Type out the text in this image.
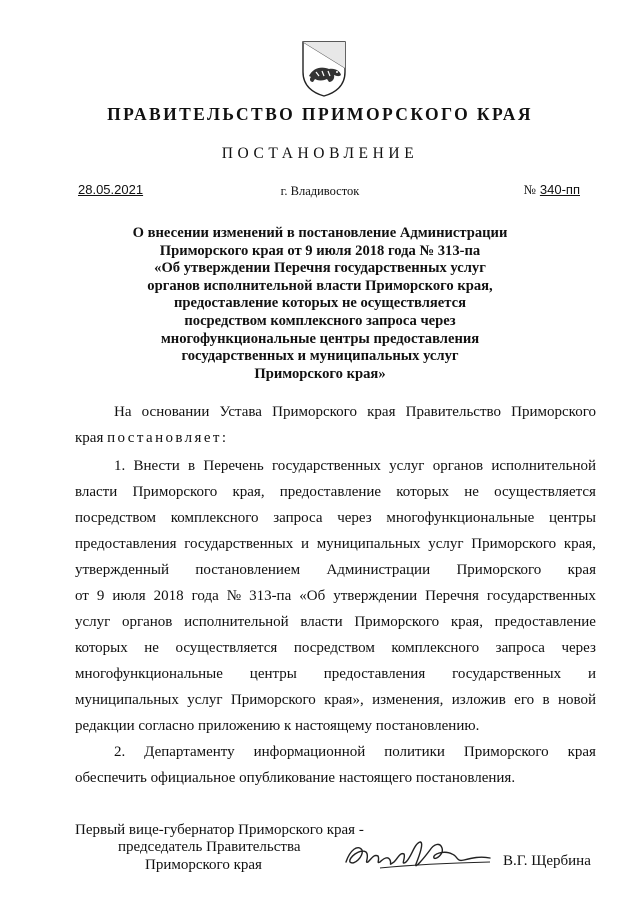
ПРАВИТЕЛЬСТВО ПРИМОРСКОГО КРАЯ
ПОСТАНОВЛЕНИЕ
28.05.2021	г. Владивосток	№ 340-пп
О внесении изменений в постановление Администрации
Приморского края от 9 июля 2018 года № 313-па
«Об утверждении Перечня государственных услуг
органов исполнительной власти Приморского края,
предоставление которых не осуществляется
посредством комплексного запроса через
многофункциональные центры предоставления
государственных и муниципальных услуг
Приморского края»
На основании Устава Приморского края Правительство Приморского
края постановляет:
1. Внести в Перечень государственных услуг органов исполнительной
власти Приморского края, предоставление которых не осуществляется
посредством комплексного запроса через многофункциональные центры
предоставления государственных и муниципальных услуг Приморского края,
утвержденный постановлением Администрации Приморского края
от 9 июля 2018 года № 313-па «Об утверждении Перечня государственных
услуг органов исполнительной власти Приморского края, предоставление
которых не осуществляется посредством комплексного запроса через
многофункциональные центры предоставления государственных и
муниципальных услуг Приморского края», изменения, изложив его в новой
редакции согласно приложению к настоящему постановлению.
2. Департаменту информационной политики Приморского края
обеспечить официальное опубликование настоящего постановления.
Первый вице-губернатор Приморского края -
председатель Правительства
Приморского края	В.Г. Щербина
